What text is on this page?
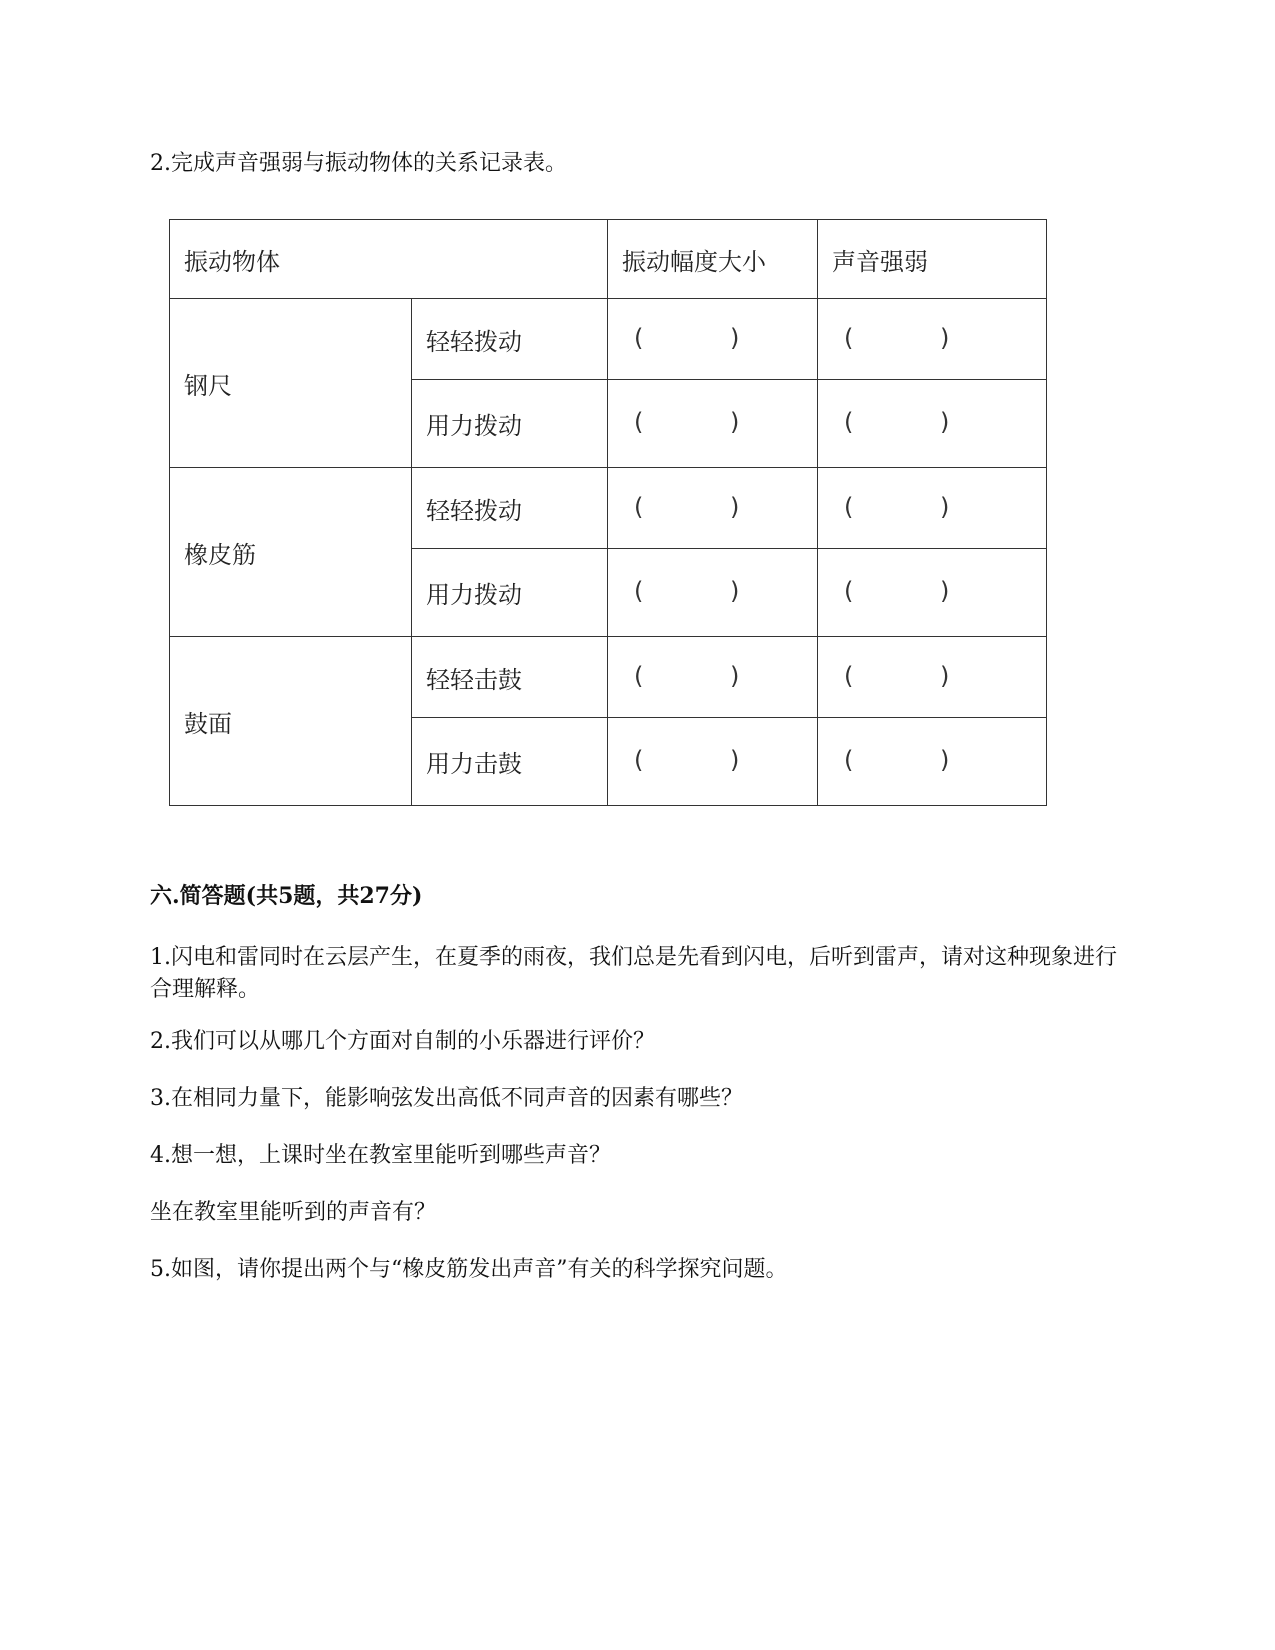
2.完成声音强弱与振动物体的关系记录表。
振动物体		振动幅度大小	声音强弱
钢尺	轻轻拨动	( )	( )

	用力拨动	( )	( )

橡皮筋	轻轻拨动	( )	( )

	用力拨动	( )	( )

鼓面	轻轻击鼓	( )	( )

	用力击鼓	( )	( )
六.简答题(共5题，共27分)
1.闪电和雷同时在云层产生，在夏季的雨夜，我们总是先看到闪电，后听到雷声，请对这种现象进行合理解释。
2.我们可以从哪几个方面对自制的小乐器进行评价？
3.在相同力量下，能影响弦发出高低不同声音的因素有哪些？
4.想一想，上课时坐在教室里能听到哪些声音？
坐在教室里能听到的声音有？
5.如图，请你提出两个与“橡皮筋发出声音”有关的科学探究问题。
